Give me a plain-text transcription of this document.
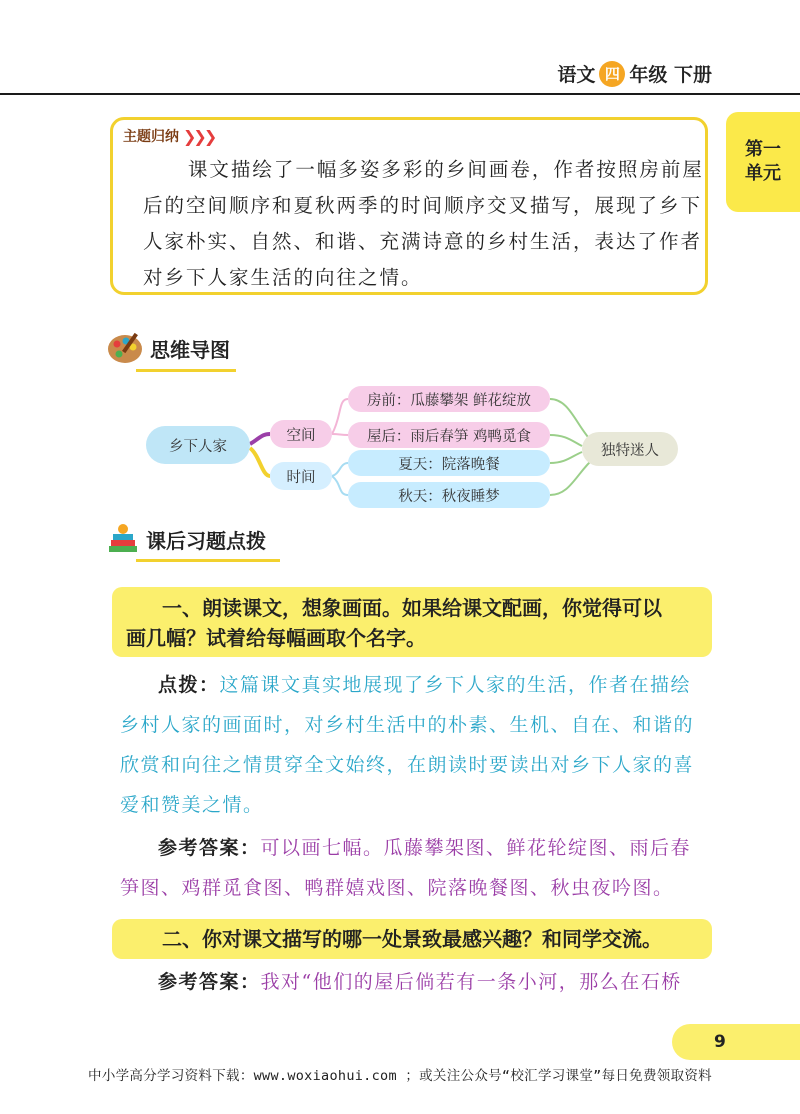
语文 四 年级 下册
第一
单元
主题归纳 ❯❯❯
课文描绘了一幅多姿多彩的乡间画卷，作者按照房前屋后的空间顺序和夏秋两季的时间顺序交叉描写，展现了乡下人家朴实、自然、和谐、充满诗意的乡村生活，表达了作者对乡下人家生活的向往之情。
思维导图
乡下人家
空间
时间
房前：瓜藤攀架 鲜花绽放
屋后：雨后春笋 鸡鸭觅食
夏天：院落晚餐
秋天：秋夜睡梦
独特迷人
课后习题点拨
一、朗读课文，想象画面。如果给课文配画，你觉得可以
画几幅？试着给每幅画取个名字。
点拨：这篇课文真实地展现了乡下人家的生活，作者在描绘乡村人家的画面时，对乡村生活中的朴素、生机、自在、和谐的欣赏和向往之情贯穿全文始终，在朗读时要读出对乡下人家的喜爱和赞美之情。
参考答案：可以画七幅。瓜藤攀架图、鲜花轮绽图、雨后春笋图、鸡群觅食图、鸭群嬉戏图、院落晚餐图、秋虫夜吟图。
二、你对课文描写的哪一处景致最感兴趣？和同学交流。
参考答案：我对“他们的屋后倘若有一条小河，那么在石桥
9
中小学高分学习资料下载：www.woxiaohui.com ；或关注公众号“校汇学习课堂”每日免费领取资料
